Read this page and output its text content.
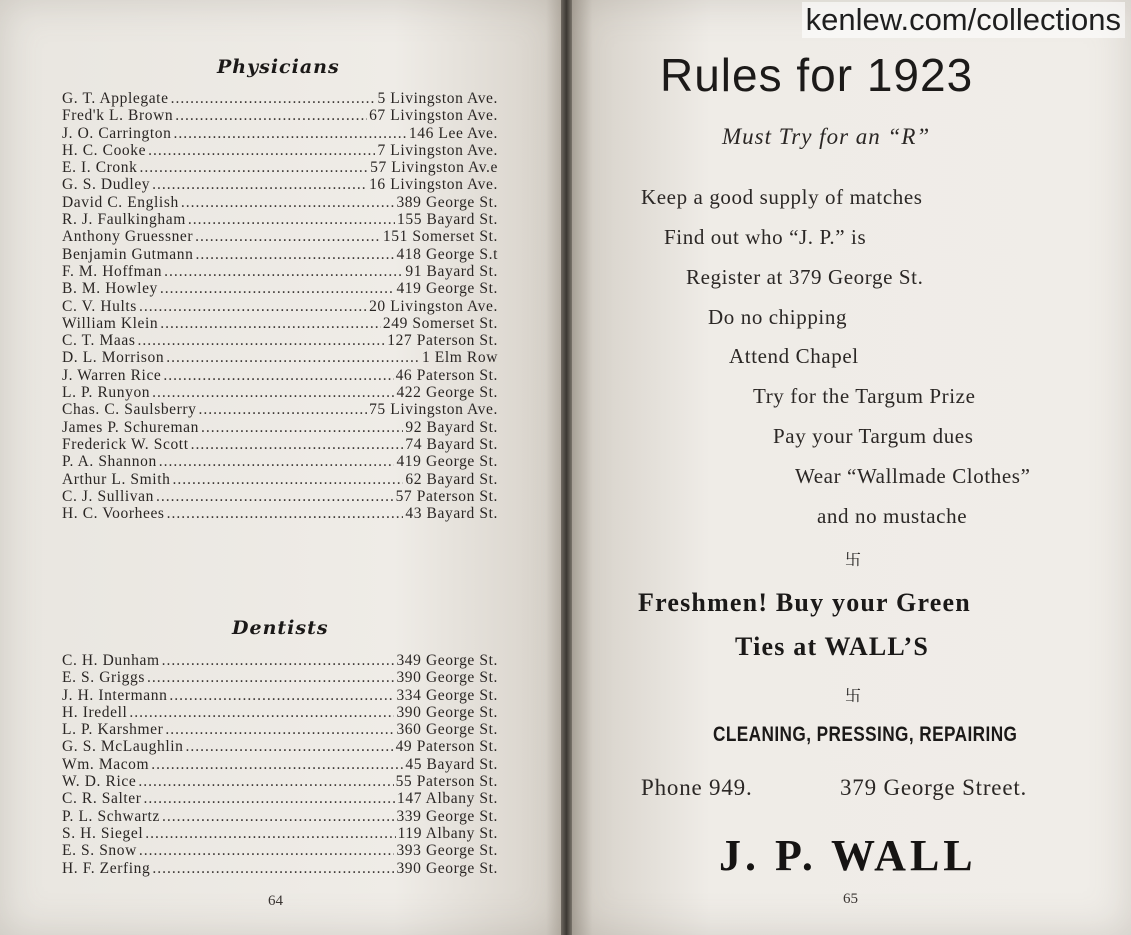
Physicians
G. T. Applegate .....	5 Livingston Ave.
Fred'k L. Brown .....	67 Livingston Ave.
J. O. Carrington .....	146 Lee Ave.
H. C. Cooke .....	7 Livingston Ave.
E. I. Cronk .....	57 Livingston Av.e
G. S. Dudley .....	16 Livingston Ave.
David C. English .....	389 George St.
R. J. Faulkingham .....	155 Bayard St.
Anthony Gruessner .....	151 Somerset St.
Benjamin Gutmann .....	418 George S.t
F. M. Hoffman .....	91 Bayard St.
B. M. Howley .....	419 George St.
C. V. Hults .....	20 Livingston Ave.
William Klein .....	249 Somerset St.
C. T. Maas .....	127 Paterson St.
D. L. Morrison .....	1 Elm Row
J. Warren Rice .....	46 Paterson St.
L. P. Runyon .....	422 George St.
Chas. C. Saulsberry .....	75 Livingston Ave.
James P. Schureman .....	92 Bayard St.
Frederick W. Scott .....	74 Bayard St.
P. A. Shannon .....	419 George St.
Arthur L. Smith .....	62 Bayard St.
C. J. Sullivan .....	57 Paterson St.
H. C. Voorhees .....	43 Bayard St.
Dentists
C. H. Dunham .....	349 George St.
E. S. Griggs .....	390 George St.
J. H. Intermann .....	334 George St.
H. Iredell .....	390 George St.
L. P. Karshmer .....	360 George St.
G. S. McLaughlin .....	49 Paterson St.
Wm. Macom .....	45 Bayard St.
W. D. Rice .....	55 Paterson St.
C. R. Salter .....	147 Albany St.
P. L. Schwartz .....	339 George St.
S. H. Siegel .....	119 Albany St.
E. S. Snow .....	393 George St.
H. F. Zerfing .....	390 George St.
64
kenlew.com/collections
Rules for 1923
Must Try for an “R”
Keep a good supply of matches
Find out who “J. P.” is
Register at 379 George St.
Do no chipping
Attend Chapel
Try for the Targum Prize
Pay your Targum dues
Wear “Wallmade Clothes”
and no mustache
卐
Freshmen! Buy your Green
Ties at WALL’S
卐
CLEANING, PRESSING, REPAIRING
Phone 949.	379 George Street.
J. P. WALL
65
